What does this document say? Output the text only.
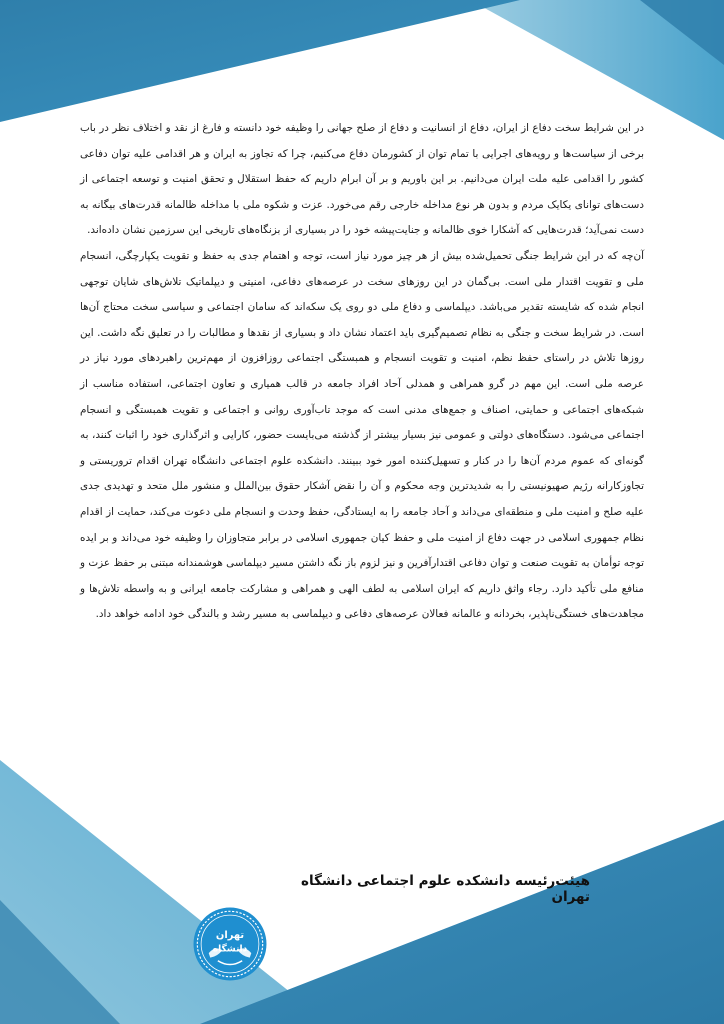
در این شرایط سخت دفاع از ایران، دفاع از انسانیت و دفاع از صلح جهانی را وظیفه خود دانسته و فارغ از نقد و اختلاف نظر در باب برخی از سیاست‌ها و رویه‌های اجرایی با تمام توان از کشورمان دفاع می‌کنیم، چرا که تجاوز به ایران و هر اقدامی علیه توان دفاعی کشور را اقدامی علیه ملت ایران می‌دانیم. بر این باوریم و بر آن ابرام داریم که حفظ استقلال و تحقق امنیت و توسعه اجتماعی از دست‌های توانای یکایک مردم و بدون هر نوع مداخله خارجی رقم می‌خورد. عزت و شکوه ملی با مداخله ظالمانه قدرت‌های بیگانه به دست نمی‌آید؛ قدرت‌هایی که آشکارا خوی ظالمانه و جنایت‌پیشه خود را در بسیاری از بزنگاه‌های تاریخی این سرزمین نشان داده‌اند.

آن‌چه که در این شرایط جنگی تحمیل‌شده بیش از هر چیز مورد نیاز است، توجه و اهتمام جدی به حفظ و تقویت یکپارچگی، انسجام ملی و تقویت اقتدار ملی است. بی‌گمان در این روزهای سخت در عرصه‌های دفاعی، امنیتی و دیپلماتیک تلاش‌های شایان توجهی انجام شده که شایسته تقدیر می‌باشد. دیپلماسی و دفاع ملی دو روی یک سکه‌اند که سامان اجتماعی و سیاسی سخت محتاج آن‌ها است. در شرایط سخت و جنگی به نظام تصمیم‌گیری باید اعتماد نشان داد و بسیاری از نقدها و مطالبات را در تعلیق نگه داشت. این روزها تلاش در راستای حفظ نظم، امنیت و تقویت انسجام و همبستگی اجتماعی روزافزون از مهم‌ترین راهبردهای مورد نیاز در عرصه ملی است. این مهم در گرو همراهی و همدلی آحاد افراد جامعه در قالب همیاری و تعاون اجتماعی، استفاده مناسب از شبکه‌های اجتماعی و حمایتی، اصناف و جمع‌های مدنی است که موجد تاب‌آوری روانی و اجتماعی و تقویت همبستگی و انسجام اجتماعی می‌شود. دستگاه‌های دولتی و عمومی نیز بسیار بیشتر از گذشته می‌بایست حضور، کارایی و اثرگذاری خود را اثبات کنند، به گونه‌ای که عموم مردم آن‌ها را در کنار و تسهیل‌کننده امور خود ببینند. دانشکده علوم اجتماعی دانشگاه تهران اقدام تروریستی و تجاوزکارانه رژیم صهیونیستی را به شدیدترین وجه محکوم و آن را نقض آشکار حقوق بین‌الملل و منشور ملل متحد و تهدیدی جدی علیه صلح و امنیت ملی و منطقه‌ای می‌داند و آحاد جامعه را به ایستادگی، حفظ وحدت و انسجام ملی دعوت می‌کند، حمایت از اقدام نظام جمهوری اسلامی در جهت دفاع از امنیت ملی و حفظ کیان جمهوری اسلامی در برابر متجاوزان را وظیفه خود می‌داند و بر ایده توجه توأمان به تقویت صنعت و توان دفاعی اقتدارآفرین و نیز لزوم باز نگه داشتن مسیر دیپلماسی هوشمندانه مبتنی بر حفظ عزت و منافع ملی تأکید دارد. رجاء واثق داریم که ایران اسلامی به لطف الهی و همراهی و مشارکت جامعه ایرانی و به واسطه تلاش‌ها و مجاهدت‌های خستگی‌ناپذیر، بخردانه و عالمانه فعالان عرصه‌های دفاعی و دیپلماسی به مسیر رشد و بالندگی خود ادامه خواهد داد.

هیئت‌رئیسه دانشکده علوم اجتماعی دانشگاه تهران
تهران
دانشگاه
